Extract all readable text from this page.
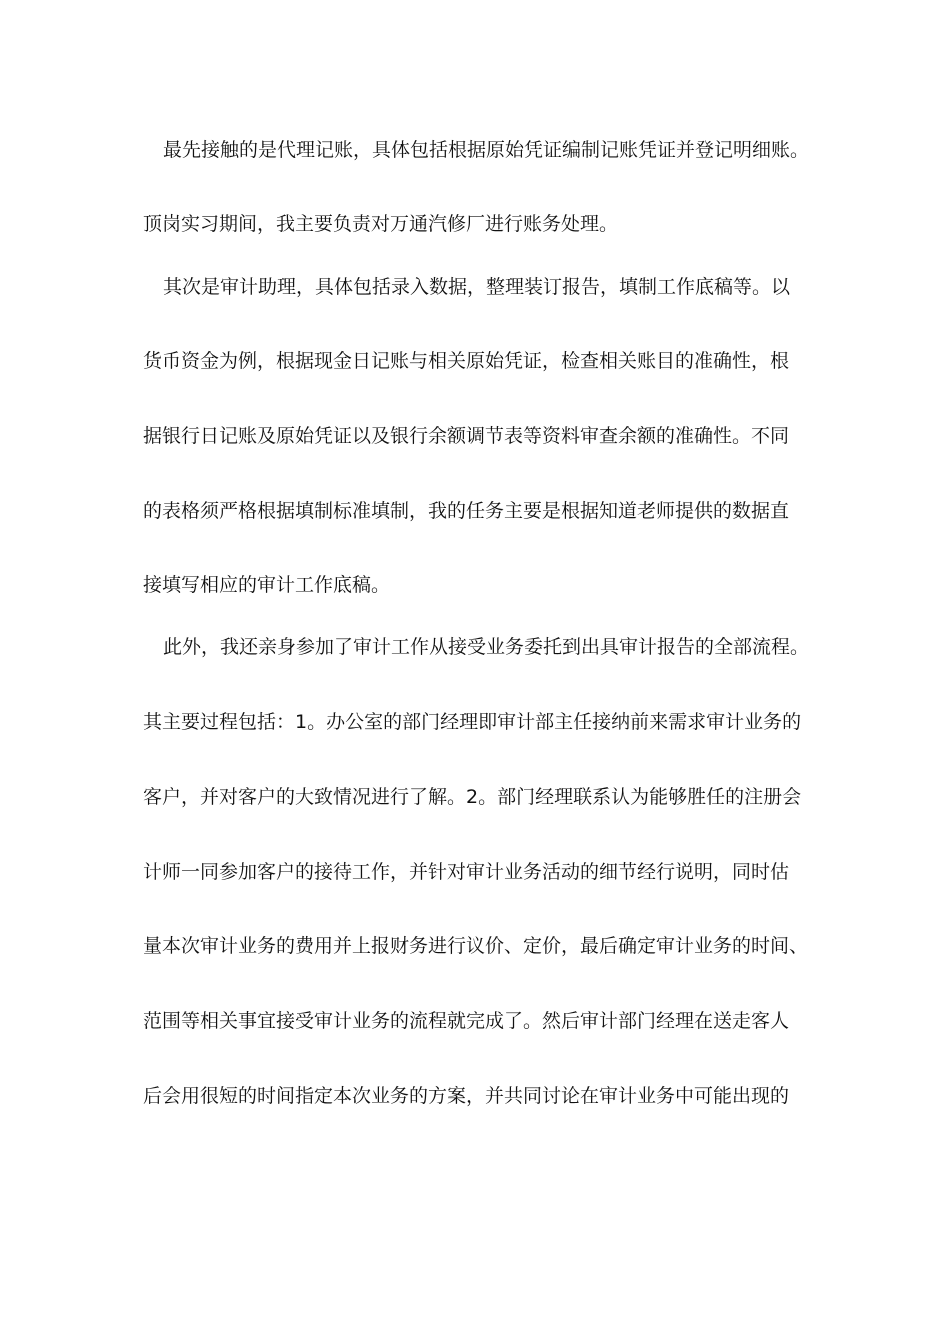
最先接触的是代理记账，具体包括根据原始凭证编制记账凭证并登记明细账。
顶岗实习期间，我主要负责对万通汽修厂进行账务处理。
其次是审计助理，具体包括录入数据，整理装订报告，填制工作底稿等。以
货币资金为例，根据现金日记账与相关原始凭证，检查相关账目的准确性，根
据银行日记账及原始凭证以及银行余额调节表等资料审查余额的准确性。不同
的表格须严格根据填制标准填制，我的任务主要是根据知道老师提供的数据直
接填写相应的审计工作底稿。
此外，我还亲身参加了审计工作从接受业务委托到出具审计报告的全部流程。
其主要过程包括：1。办公室的部门经理即审计部主任接纳前来需求审计业务的
客户，并对客户的大致情况进行了解。2。部门经理联系认为能够胜任的注册会
计师一同参加客户的接待工作，并针对审计业务活动的细节经行说明，同时估
量本次审计业务的费用并上报财务进行议价、定价，最后确定审计业务的时间、
范围等相关事宜接受审计业务的流程就完成了。然后审计部门经理在送走客人
后会用很短的时间指定本次业务的方案，并共同讨论在审计业务中可能出现的
